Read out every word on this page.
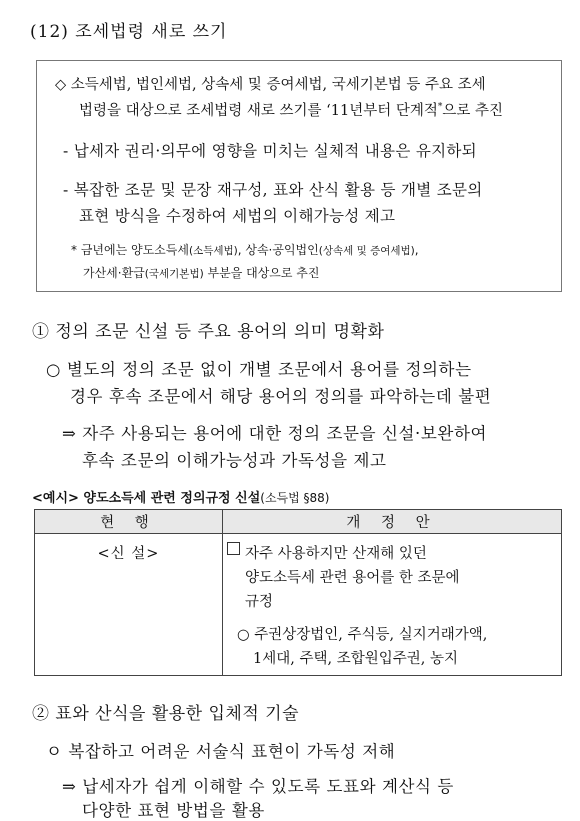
(12) 조세법령 새로 쓰기
◇ 소득세법, 법인세법, 상속세 및 증여세법, 국세기본법 등 주요 조세
법령을 대상으로 조세법령 새로 쓰기를 ‘11년부터 단계적*으로 추진
- 납세자 권리·의무에 영향을 미치는 실체적 내용은 유지하되
- 복잡한 조문 및 문장 재구성, 표와 산식 활용 등 개별 조문의
표현 방식을 수정하여 세법의 이해가능성 제고
* 금년에는 양도소득세(소득세법), 상속·공익법인(상속세 및 증여세법),
가산세·환급(국세기본법) 부분을 대상으로 추진
① 정의 조문 신설 등 주요 용어의 의미 명확화
○ 별도의 정의 조문 없이 개별 조문에서 용어를 정의하는
경우 후속 조문에서 해당 용어의 정의를 파악하는데 불편
⇒ 자주 사용되는 용어에 대한 정의 조문을 신설·보완하여
후속 조문의 이해가능성과 가독성을 제고
<예시> 양도소득세 관련 정의규정 신설(소득법 §88)
현 행	개 정 안
<신 설>	자주 사용하지만 산재해 있던
양도소득세 관련 용어를 한 조문에
규정
○ 주권상장법인, 주식등, 실지거래가액,
1세대, 주택, 조합원입주권, 농지
② 표와 산식을 활용한 입체적 기술
ㅇ 복잡하고 어려운 서술식 표현이 가독성 저해
⇒ 납세자가 쉽게 이해할 수 있도록 도표와 계산식 등
다양한 표현 방법을 활용
